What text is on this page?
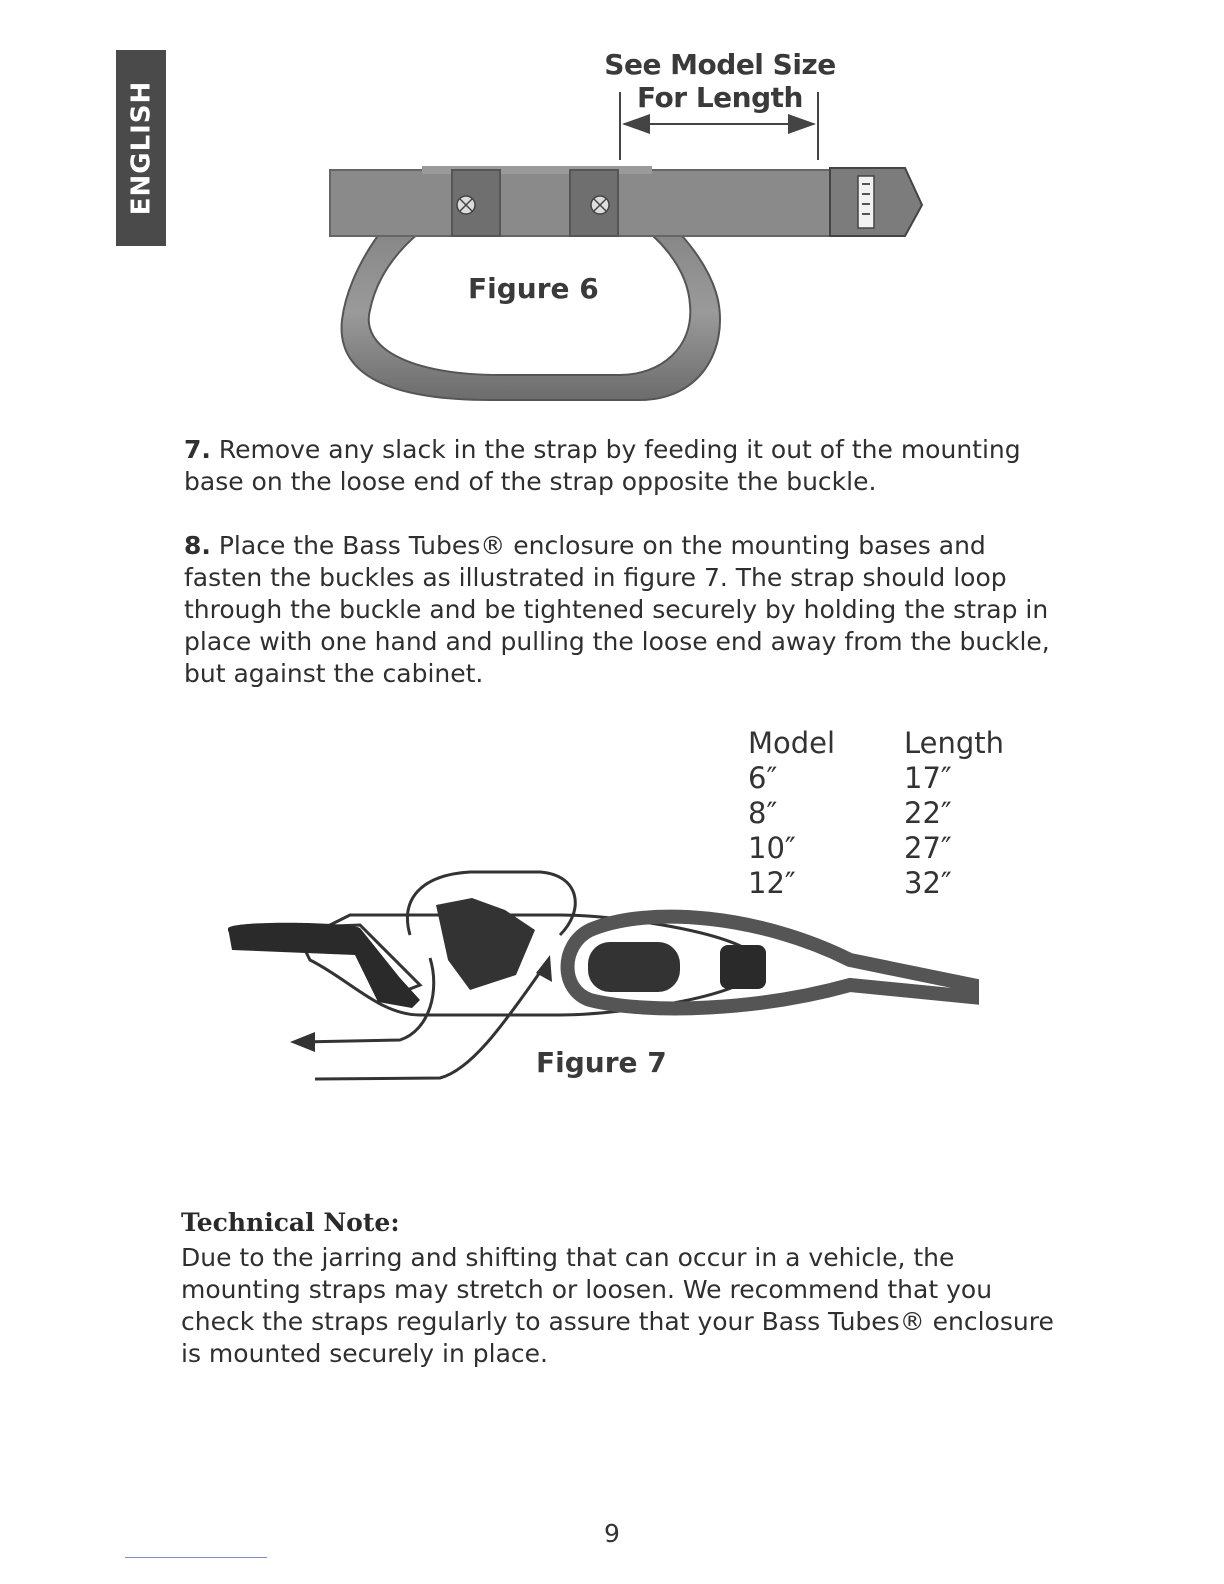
ENGLISH
See Model Size
For Length
Figure 6

7. Remove any slack in the strap by feeding it out of the mounting base on the loose end of the strap opposite the buckle.

8. Place the Bass Tubes® enclosure on the mounting bases and fasten the buckles as illustrated in figure 7. The strap should loop through the buckle and be tightened securely by holding the strap in place with one hand and pulling the loose end away from the buckle, but against the cabinet.

Model	Length
6″	17″
8″	22″
10″	27″
12″	32″
Figure 7
Technical Note:

Due to the jarring and shifting that can occur in a vehicle, the mounting straps may stretch or loosen. We recommend that you check the straps regularly to assure that your Bass Tubes® enclosure is mounted securely in place.

9
